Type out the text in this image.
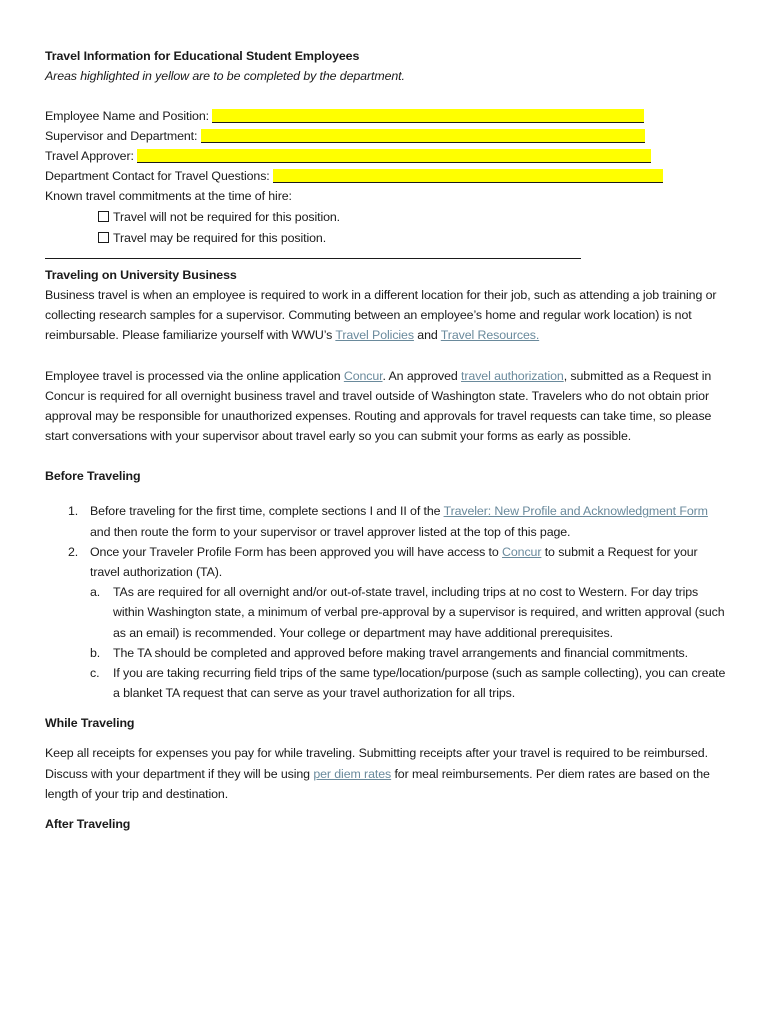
Travel Information for Educational Student Employees
Areas highlighted in yellow are to be completed by the department.
Employee Name and Position:
Supervisor and Department:
Travel Approver:
Department Contact for Travel Questions:
Known travel commitments at the time of hire:
Travel will not be required for this position.
Travel may be required for this position.
Traveling on University Business

Business travel is when an employee is required to work in a different location for their job, such as attending a job training or collecting research samples for a supervisor. Commuting between an employee’s home and regular work location) is not reimbursable. Please familiarize yourself with WWU’s Travel Policies and Travel Resources.

Employee travel is processed via the online application Concur. An approved travel authorization, submitted as a Request in Concur is required for all overnight business travel and travel outside of Washington state. Travelers who do not obtain prior approval may be responsible for unauthorized expenses. Routing and approvals for travel requests can take time, so please start conversations with your supervisor about travel early so you can submit your forms as early as possible.

Before Traveling
1. Before traveling for the first time, complete sections I and II of the Traveler: New Profile and Acknowledgment Form and then route the form to your supervisor or travel approver listed at the top of this page.
2. Once your Traveler Profile Form has been approved you will have access to Concur to submit a Request for your travel authorization (TA).
a. TAs are required for all overnight and/or out-of-state travel, including trips at no cost to Western. For day trips within Washington state, a minimum of verbal pre-approval by a supervisor is required, and written approval (such as an email) is recommended. Your college or department may have additional prerequisites.
b. The TA should be completed and approved before making travel arrangements and financial commitments.
c. If you are taking recurring field trips of the same type/location/purpose (such as sample collecting), you can create a blanket TA request that can serve as your travel authorization for all trips.
While Traveling

Keep all receipts for expenses you pay for while traveling. Submitting receipts after your travel is required to be reimbursed. Discuss with your department if they will be using per diem rates for meal reimbursements. Per diem rates are based on the length of your trip and destination.

After Traveling
